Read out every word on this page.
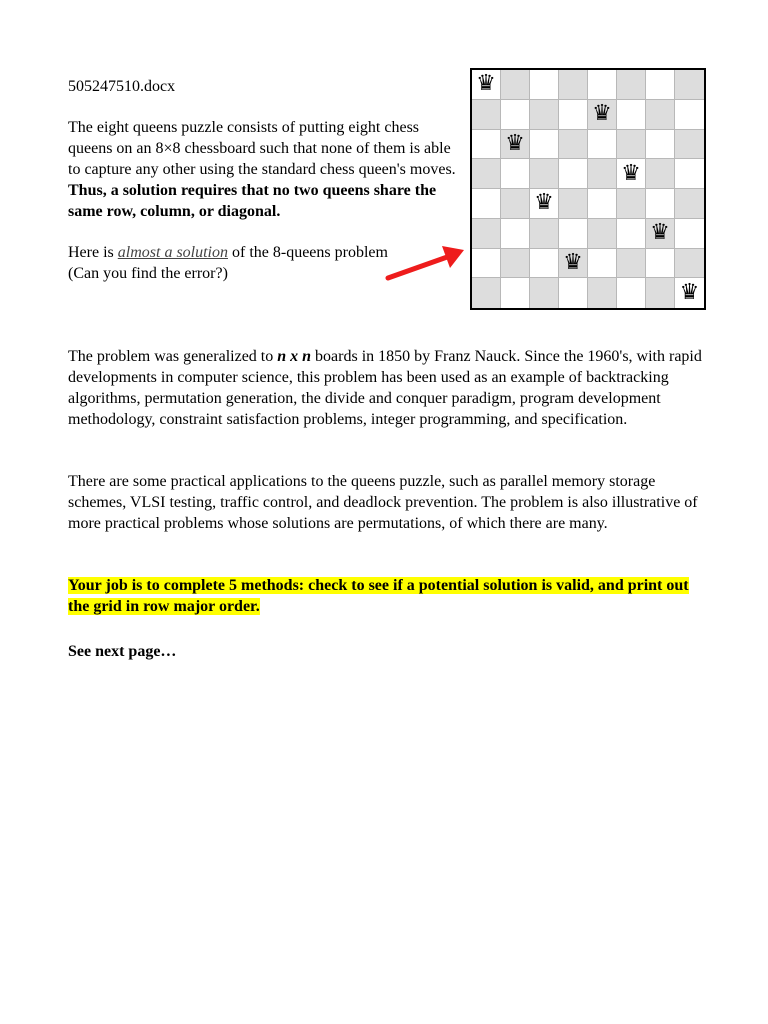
505247510.docx
The eight queens puzzle consists of putting eight chess queens on an 8×8 chessboard such that none of them is able to capture any other using the standard chess queen's moves. Thus, a solution requires that no two queens share the same row, column, or diagonal.
Here is almost a solution of the 8-queens problem
(Can you find the error?)
♛
♛
♛
♛
♛
♛
♛
♛
The problem was generalized to n x n boards in 1850 by Franz Nauck. Since the 1960's, with rapid developments in computer science, this problem has been used as an example of backtracking algorithms, permutation generation, the divide and conquer paradigm, program development methodology, constraint satisfaction problems, integer programming, and specification.
There are some practical applications to the queens puzzle, such as parallel memory storage schemes, VLSI testing, traffic control, and deadlock prevention. The problem is also illustrative of more practical problems whose solutions are permutations, of which there are many.
Your job is to complete 5 methods: check to see if a potential solution is valid, and print out the grid in row major order.
See next page…
